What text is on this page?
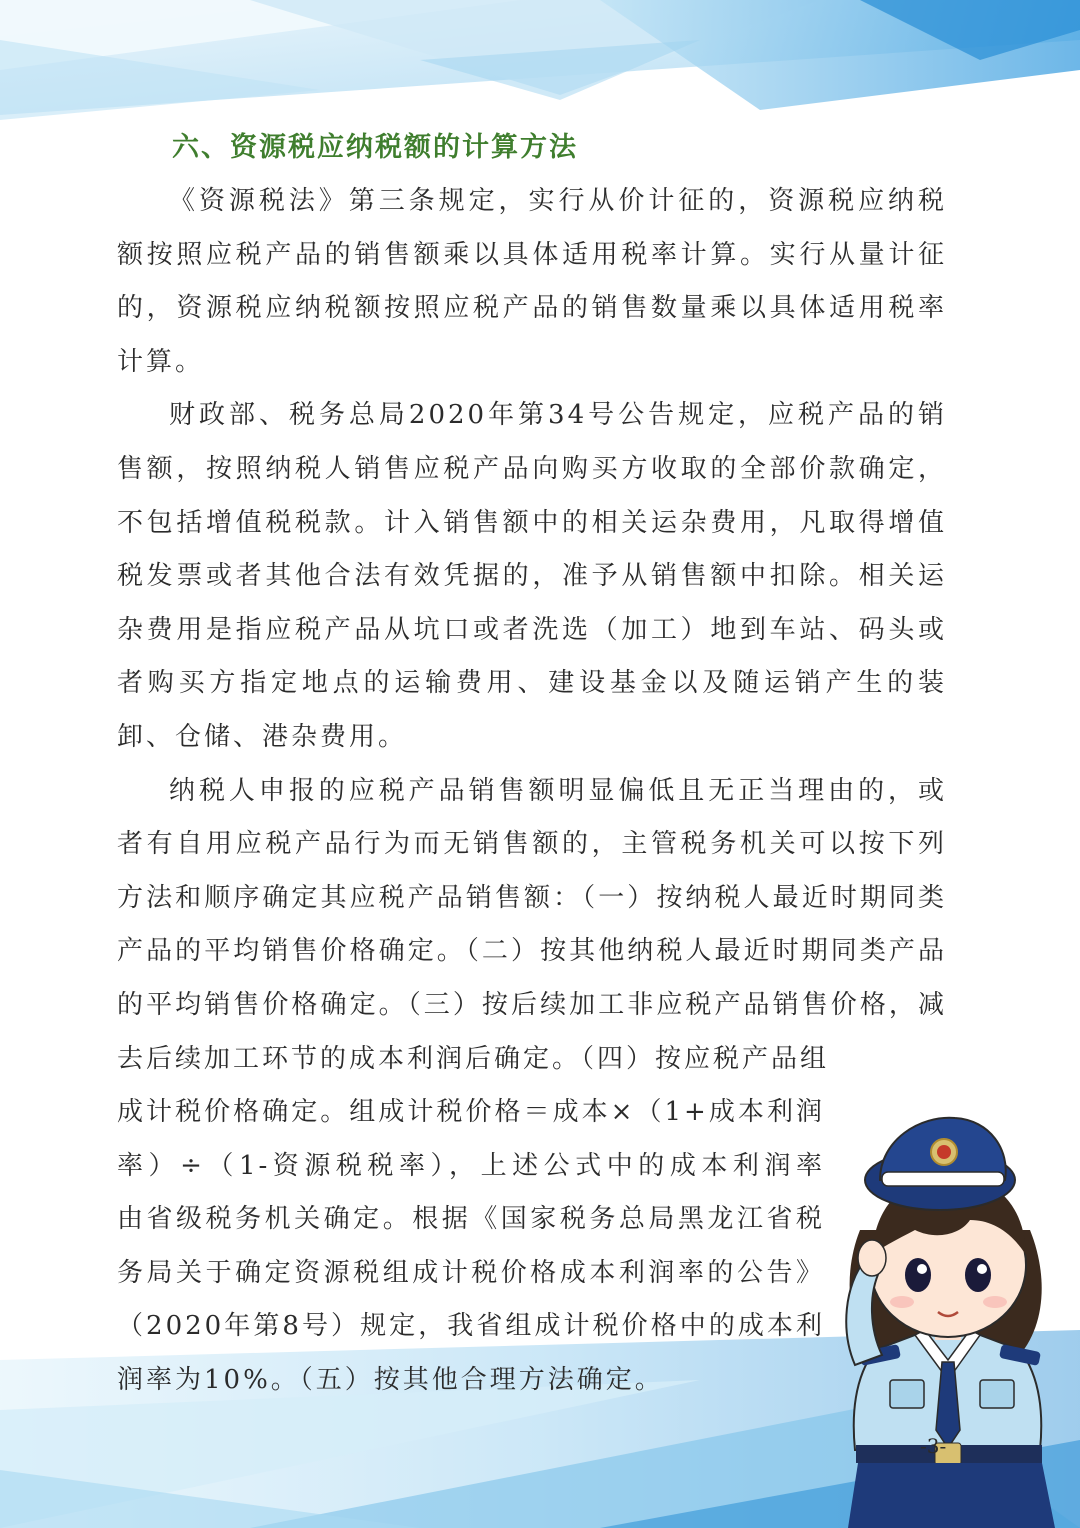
六、资源税应纳税额的计算方法

《资源税法》第三条规定，实行从价计征的，资源税应纳税额按照应税产品的销售额乘以具体适用税率计算。实行从量计征的，资源税应纳税额按照应税产品的销售数量乘以具体适用税率计算。

财政部、税务总局2020年第34号公告规定，应税产品的销售额，按照纳税人销售应税产品向购买方收取的全部价款确定，不包括增值税税款。计入销售额中的相关运杂费用，凡取得增值税发票或者其他合法有效凭据的，准予从销售额中扣除。相关运杂费用是指应税产品从坑口或者洗选（加工）地到车站、码头或者购买方指定地点的运输费用、建设基金以及随运销产生的装卸、仓储、港杂费用。

纳税人申报的应税产品销售额明显偏低且无正当理由的，或者有自用应税产品行为而无销售额的，主管税务机关可以按下列方法和顺序确定其应税产品销售额：（一）按纳税人最近时期同类产品的平均销售价格确定。（二）按其他纳税人最近时期同类产品的平均销售价格确定。（三）按后续加工非应税产品销售价格，减去后续加工环节的成本利润后确定。（四）按应税产品组

成计税价格确定。组成计税价格＝成本×（1+成本利润

率）÷（1-资源税税率），上述公式中的成本利润率

由省级税务机关确定。根据《国家税务总局黑龙江省税

务局关于确定资源税组成计税价格成本利润率的公告》

（2020年第8号）规定，我省组成计税价格中的成本利

润率为10%。（五）按其他合理方法确定。

-3-
